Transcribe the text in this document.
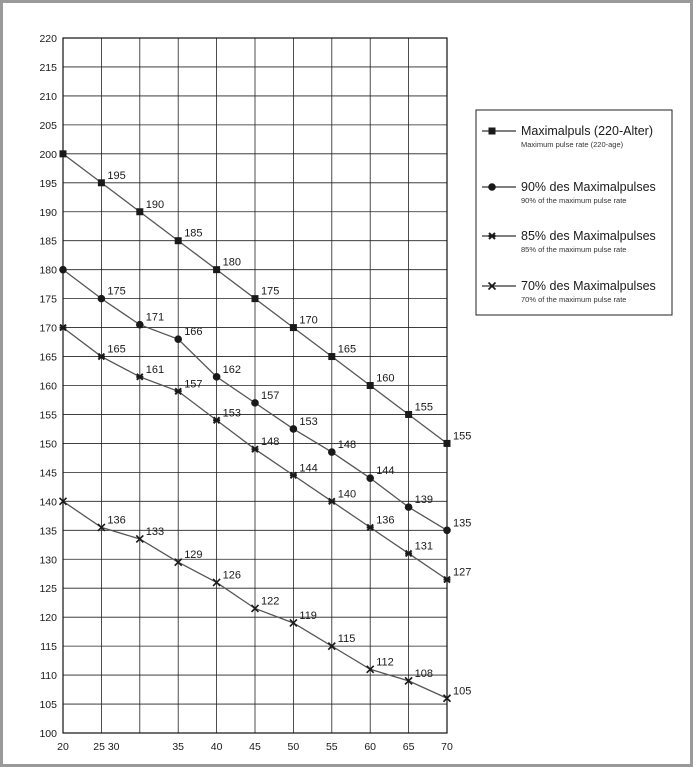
100
105
110
115
120
125
130
135
140
145
150
155
160
165
170
175
180
185
190
195
200
205
210
215
220
20 25 30	35	40	45	50	55	60	65	70
195
190
185
180
175
170
165
160
155
155
175
171
166
162
157
153
148
144
139
135
165
161
157
153
148
144
140
136
131
127
136
133
129
126
122
119
115
112
108
105
Maximalpuls (220-Alter)
Maximum pulse rate (220-age)
90% des Maximalpulses
90% of the maximum pulse rate
85% des Maximalpulses
85% of the maximum pulse rate
70% des Maximalpulses
70% of the maximum pulse rate
